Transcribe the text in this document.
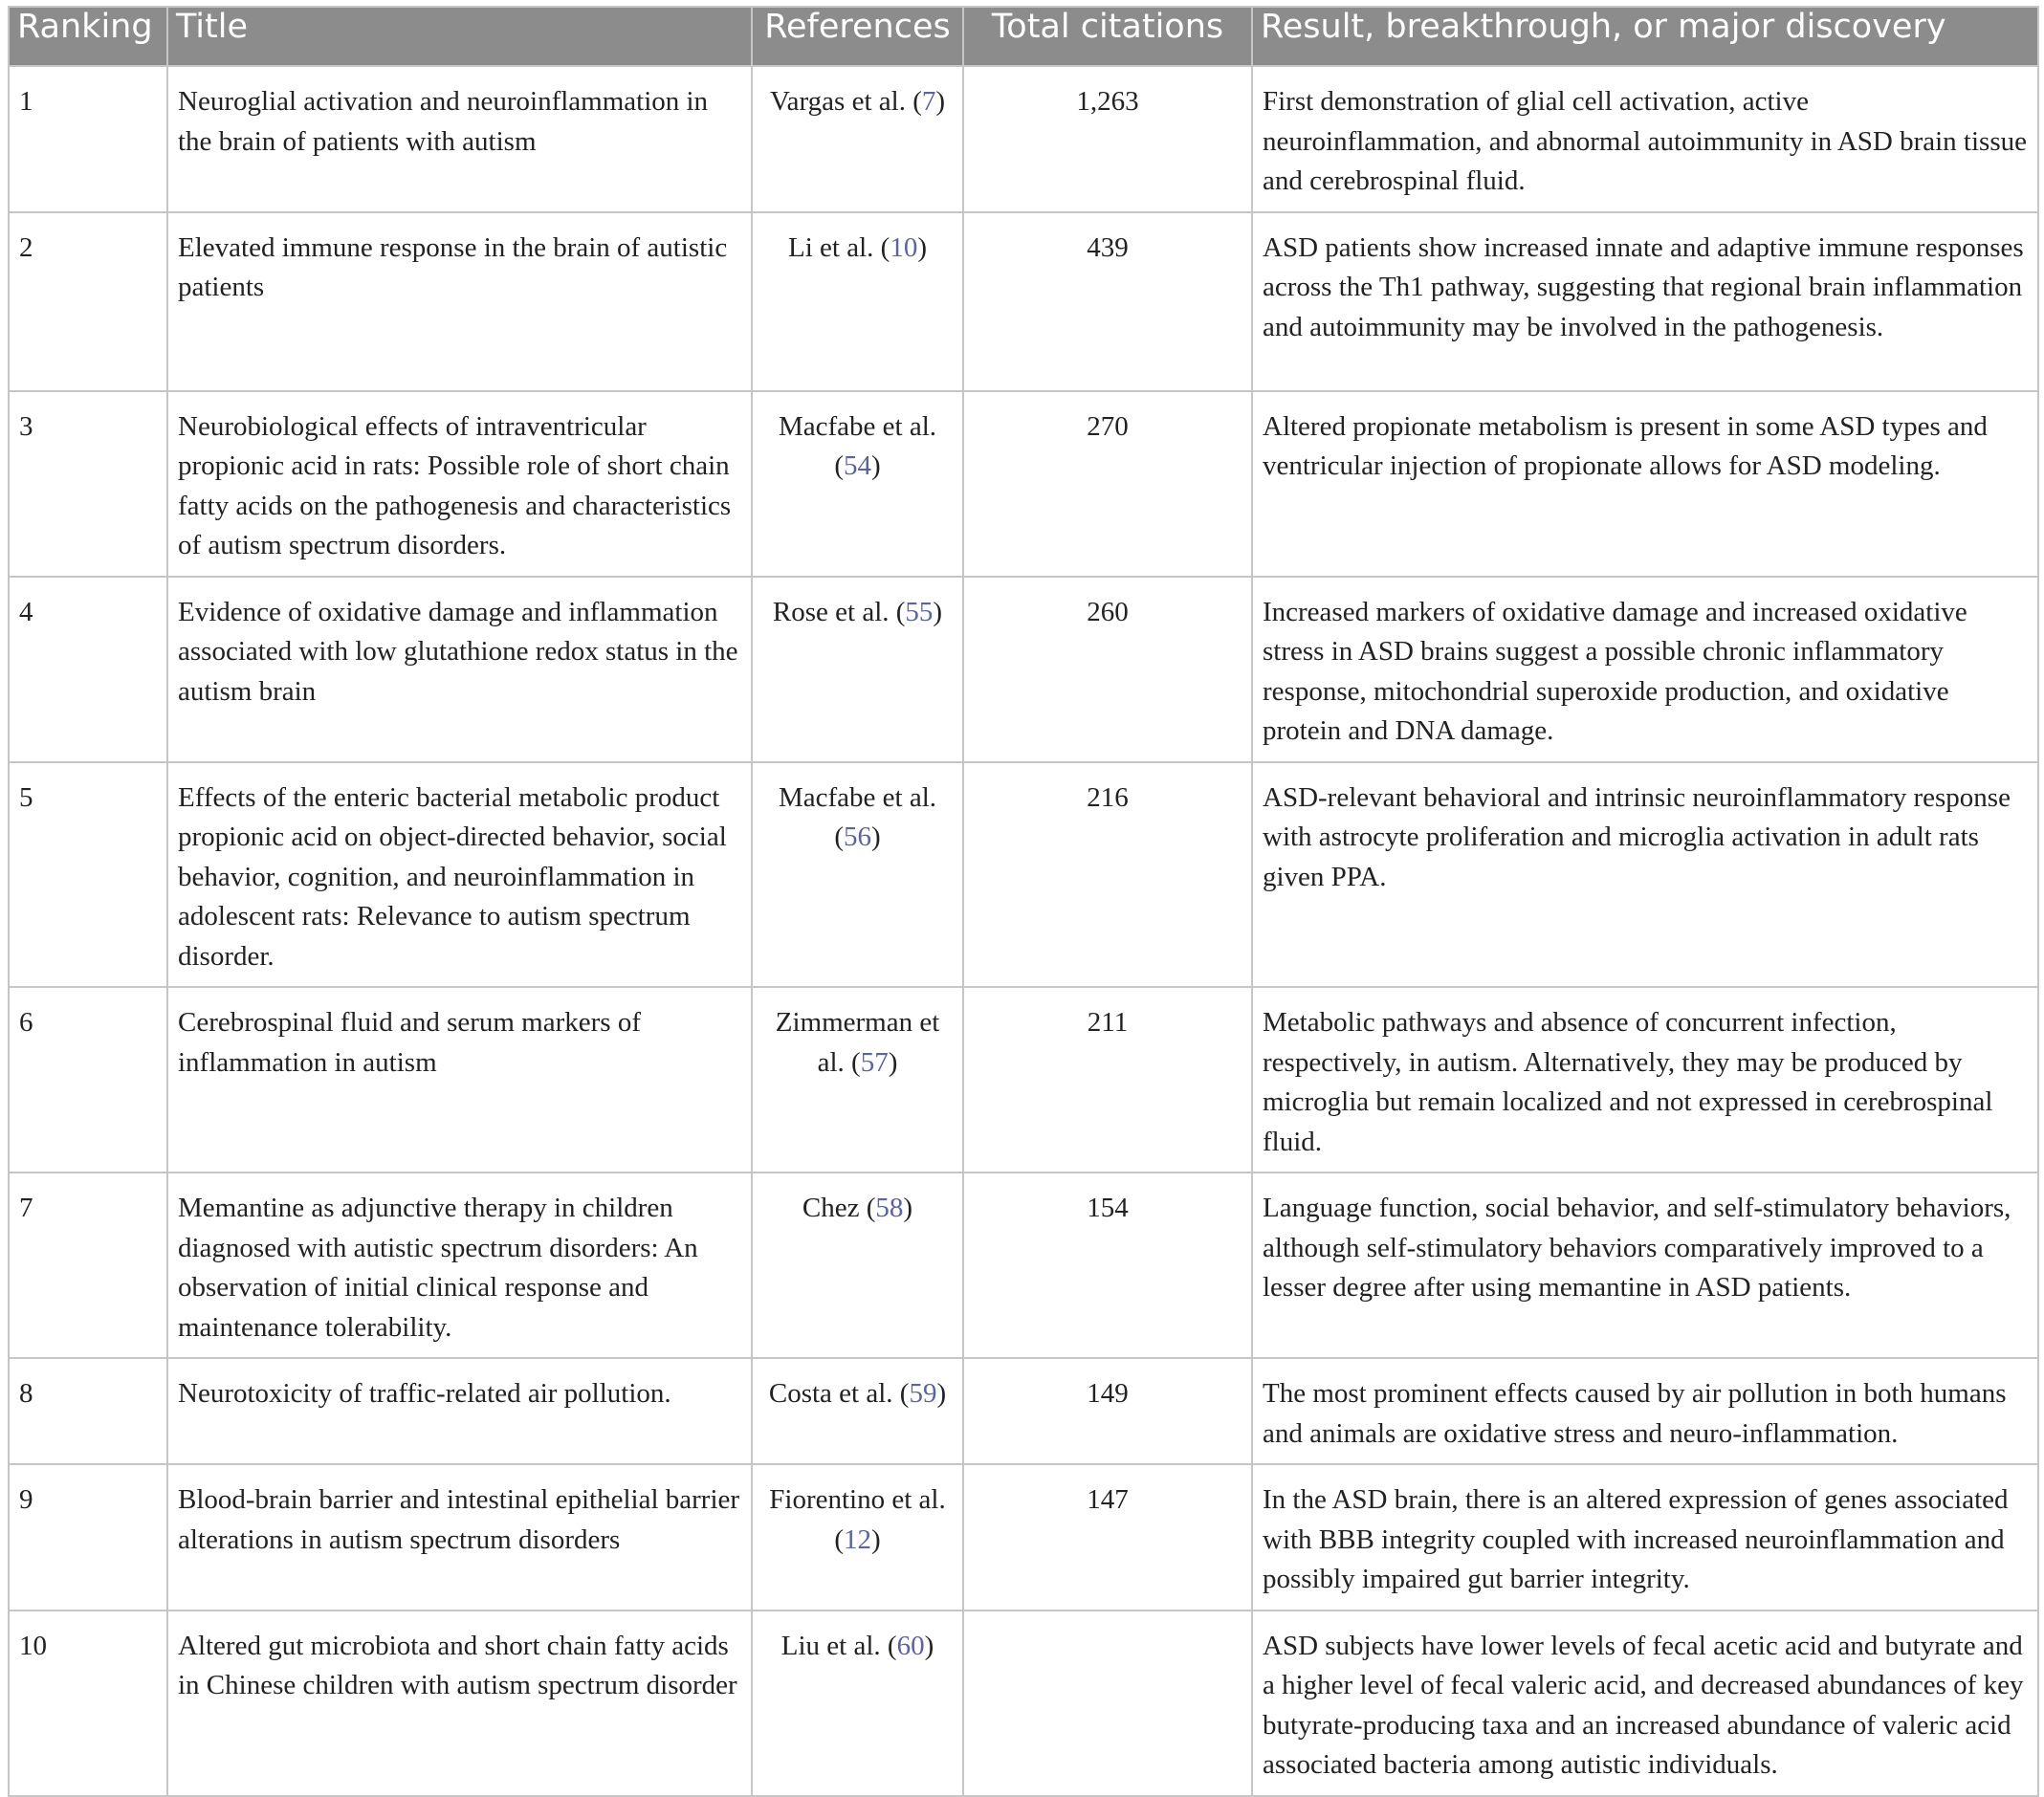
Ranking	Title	References	Total citations	Result, breakthrough, or major discovery
1	Neuroglial activation and neuroinflammation in the brain of patients with autism	Vargas et al. (7)	1,263	First demonstration of glial cell activation, active neuroinflammation, and abnormal autoimmunity in ASD brain tissue and cerebrospinal fluid.
2	Elevated immune response in the brain of autistic patients	Li et al. (10)	439	ASD patients show increased innate and adaptive immune responses across the Th1 pathway, suggesting that regional brain inflammation and autoimmunity may be involved in the pathogenesis.
3	Neurobiological effects of intraventricular propionic acid in rats: Possible role of short chain fatty acids on the pathogenesis and characteristics of autism spectrum disorders.	Macfabe et al. (54)	270	Altered propionate metabolism is present in some ASD types and ventricular injection of propionate allows for ASD modeling.
4	Evidence of oxidative damage and inflammation associated with low glutathione redox status in the autism brain	Rose et al. (55)	260	Increased markers of oxidative damage and increased oxidative stress in ASD brains suggest a possible chronic inflammatory response, mitochondrial superoxide production, and oxidative protein and DNA damage.
5	Effects of the enteric bacterial metabolic product propionic acid on object-directed behavior, social behavior, cognition, and neuroinflammation in adolescent rats: Relevance to autism spectrum disorder.	Macfabe et al. (56)	216	ASD-relevant behavioral and intrinsic neuroinflammatory response with astrocyte proliferation and microglia activation in adult rats given PPA.
6	Cerebrospinal fluid and serum markers of inflammation in autism	Zimmerman et al. (57)	211	Metabolic pathways and absence of concurrent infection, respectively, in autism. Alternatively, they may be produced by microglia but remain localized and not expressed in cerebrospinal fluid.
7	Memantine as adjunctive therapy in children diagnosed with autistic spectrum disorders: An observation of initial clinical response and maintenance tolerability.	Chez (58)	154	Language function, social behavior, and self-stimulatory behaviors, although self-stimulatory behaviors comparatively improved to a lesser degree after using memantine in ASD patients.
8	Neurotoxicity of traffic-related air pollution.	Costa et al. (59)	149	The most prominent effects caused by air pollution in both humans and animals are oxidative stress and neuro-inflammation.
9	Blood-brain barrier and intestinal epithelial barrier alterations in autism spectrum disorders	Fiorentino et al. (12)	147	In the ASD brain, there is an altered expression of genes associated with BBB integrity coupled with increased neuroinflammation and possibly impaired gut barrier integrity.
10	Altered gut microbiota and short chain fatty acids in Chinese children with autism spectrum disorder	Liu et al. (60)		ASD subjects have lower levels of fecal acetic acid and butyrate and a higher level of fecal valeric acid, and decreased abundances of key butyrate-producing taxa and an increased abundance of valeric acid associated bacteria among autistic individuals.
